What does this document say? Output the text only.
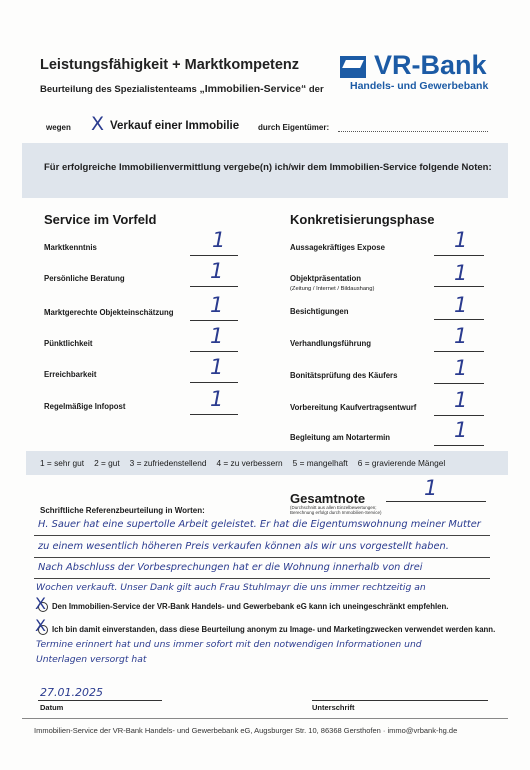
Leistungsfähigkeit + Marktkompetenz
Beurteilung des Spezialistenteams „Immobilien-Service“ der
VR-Bank
Handels- und Gewerbebank
wegen X Verkauf einer Immobilie durch Eigentümer:
Für erfolgreiche Immobilienvermittlung vergebe(n) ich/wir dem Immobilien-Service folgende Noten:
Service im Vorfeld	Konkretisierungsphase
Marktkenntnis	1
Persönliche Beratung	1
Marktgerechte Objekteinschätzung 1
Pünktlichkeit	1
Erreichbarkeit	1
Regelmäßige Infopost	1
Aussagekräftiges Expose	1
Objektpräsentation
(Zeitung / Internet / Bildaushang)
1
Besichtigungen	1
Verhandlungsführung	1
Bonitätsprüfung des Käufers	1
Vorbereitung Kaufvertragsentwurf 1
Begleitung am Notartermin	1
1 = sehr gut 2 = gut 3 = zufriedenstellend 4 = zu verbessern 5 = mangelhaft 6 = gravierende Mängel
Gesamtnote
(Durchschnitt aus allen Einzelbewertungen; Berechnung erfolgt durch Immobilien-Service)
1
Schriftliche Referenzbeurteilung in Worten:
H. Sauer hat eine supertolle Arbeit geleistet. Er hat die Eigentumswohnung meiner Mutter
zu einem wesentlich höheren Preis verkaufen können als wir uns vorgestellt haben.
Nach Abschluss der Vorbesprechungen hat er die Wohnung innerhalb von drei
Wochen verkauft. Unser Dank gilt auch Frau Stuhlmayr die uns immer rechtzeitig an
X Den Immobilien-Service der VR-Bank Handels- und Gewerbebank eG kann ich uneingeschränkt empfehlen.
X Ich bin damit einverstanden, dass diese Beurteilung anonym zu Image- und Marketingzwecken verwendet werden kann.
Termine erinnert hat und uns immer sofort mit den notwendigen Informationen und
Unterlagen versorgt hat
27.01.2025
Datum	Unterschrift
Immobilien-Service der VR-Bank Handels- und Gewerbebank eG, Augsburger Str. 10, 86368 Gersthofen · immo@vrbank-hg.de
